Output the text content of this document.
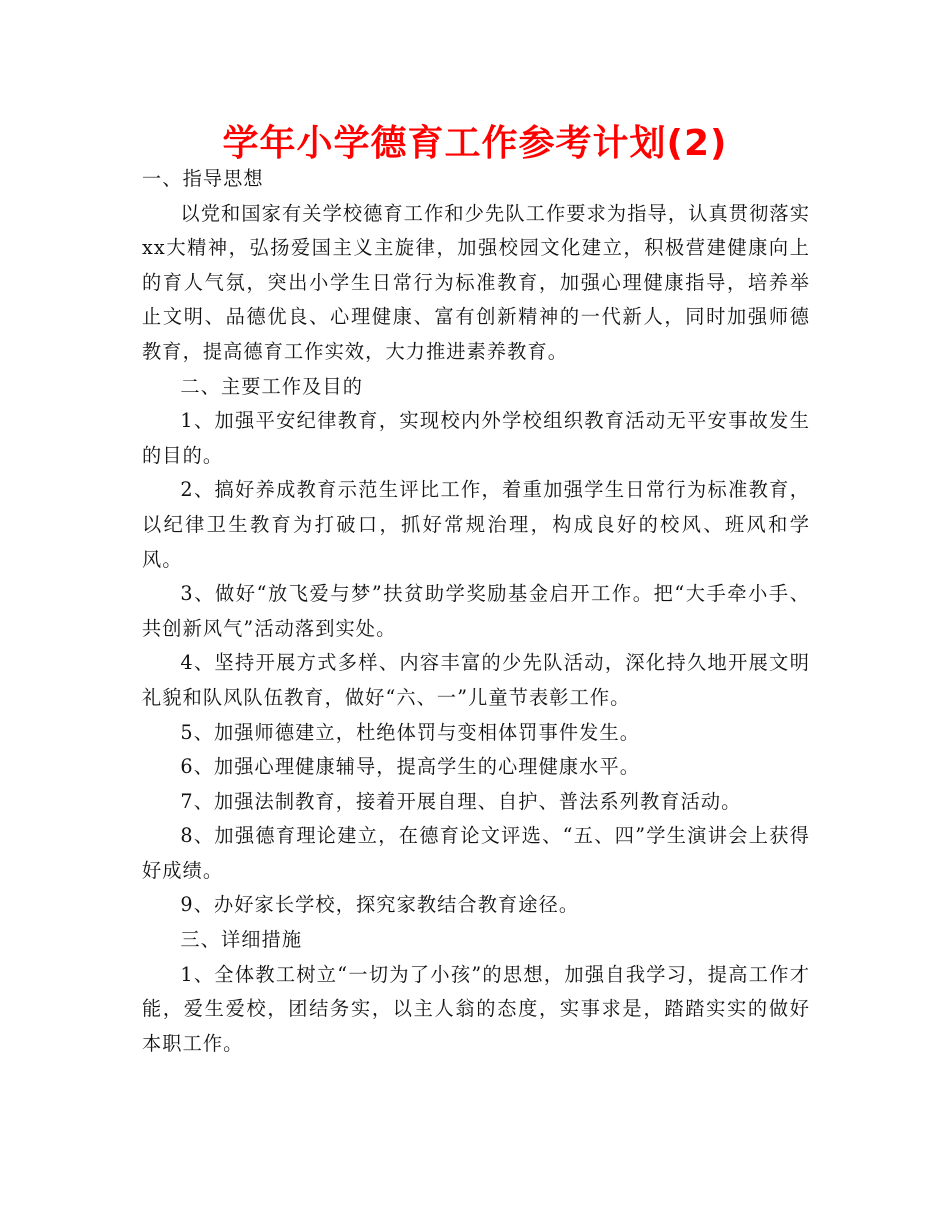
学年小学德育工作参考计划(2)

一、指导思想

以党和国家有关学校德育工作和少先队工作要求为指导，认真贯彻落实xx大精神，弘扬爱国主义主旋律，加强校园文化建立，积极营建健康向上的育人气氛，突出小学生日常行为标准教育，加强心理健康指导，培养举止文明、品德优良、心理健康、富有创新精神的一代新人，同时加强师德教育，提高德育工作实效，大力推进素养教育。

二、主要工作及目的

1、加强平安纪律教育，实现校内外学校组织教育活动无平安事故发生的目的。

2、搞好养成教育示范生评比工作，着重加强学生日常行为标准教育，以纪律卫生教育为打破口，抓好常规治理，构成良好的校风、班风和学风。

3、做好“放飞爱与梦”扶贫助学奖励基金启开工作。把“大手牵小手、共创新风气”活动落到实处。

4、坚持开展方式多样、内容丰富的少先队活动，深化持久地开展文明礼貌和队风队伍教育，做好“六、一”儿童节表彰工作。

5、加强师德建立，杜绝体罚与变相体罚事件发生。

6、加强心理健康辅导，提高学生的心理健康水平。

7、加强法制教育，接着开展自理、自护、普法系列教育活动。

8、加强德育理论建立，在德育论文评选、“五、四”学生演讲会上获得好成绩。

9、办好家长学校，探究家教结合教育途径。

三、详细措施

1、全体教工树立“一切为了小孩”的思想，加强自我学习，提高工作才能，爱生爱校，团结务实，以主人翁的态度，实事求是，踏踏实实的做好本职工作。
